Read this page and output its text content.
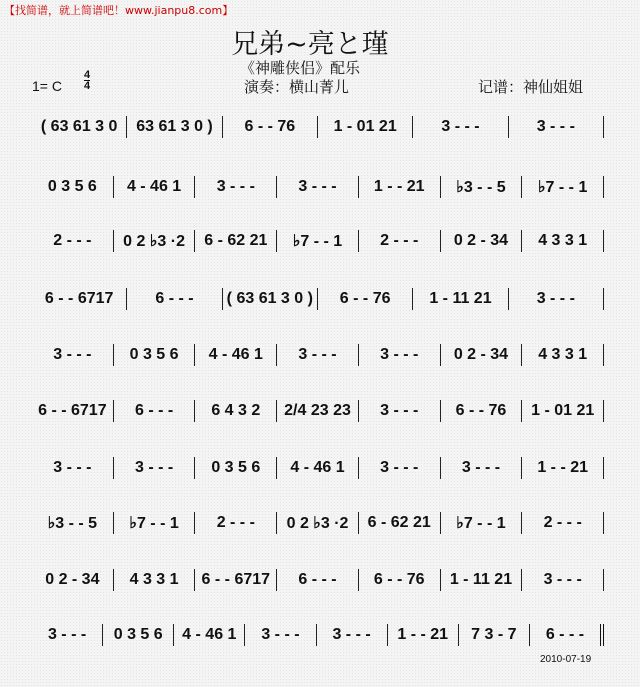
【找简谱，就上简谱吧！www.jianpu8.com】
兄弟~亮と瑾
《神雕侠侣》配乐
1= C
4
4	演奏：横山菁儿	记谱：神仙姐姐
( 63 61 3 0	63 61 3 0 )	6 - - 76	1 - 01 21	3 - - -	3 - - -
0 3 5 6	4 - 46 1	3 - - -	3 - - -	1 - - 21	♭3 - - 5	♭7 - - 1
2 - - -	0 2 ♭3 ·2	6 - 62 21	♭7 - - 1	2 - - -	0 2 - 34	4 3 3 1
6 - - 6717	6 - - -	( 63 61 3 0 )	6 - - 76	1 - 11 21	3 - - -
3 - - -	0 3 5 6	4 - 46 1	3 - - -	3 - - -	0 2 - 34	4 3 3 1
6 - - 6717	6 - - -	6 4 3 2	2/4 23 23	3 - - -	6 - - 76	1 - 01 21
3 - - -	3 - - -	0 3 5 6	4 - 46 1	3 - - -	3 - - -	1 - - 21
♭3 - - 5	♭7 - - 1	2 - - -	0 2 ♭3 ·2	6 - 62 21	♭7 - - 1	2 - - -
0 2 - 34	4 3 3 1	6 - - 6717	6 - - -	6 - - 76	1 - 11 21	3 - - -
3 - - -	0 3 5 6	4 - 46 1	3 - - -	3 - - -	1 - - 21	7 3 - 7	6 - - -
2010-07-19
